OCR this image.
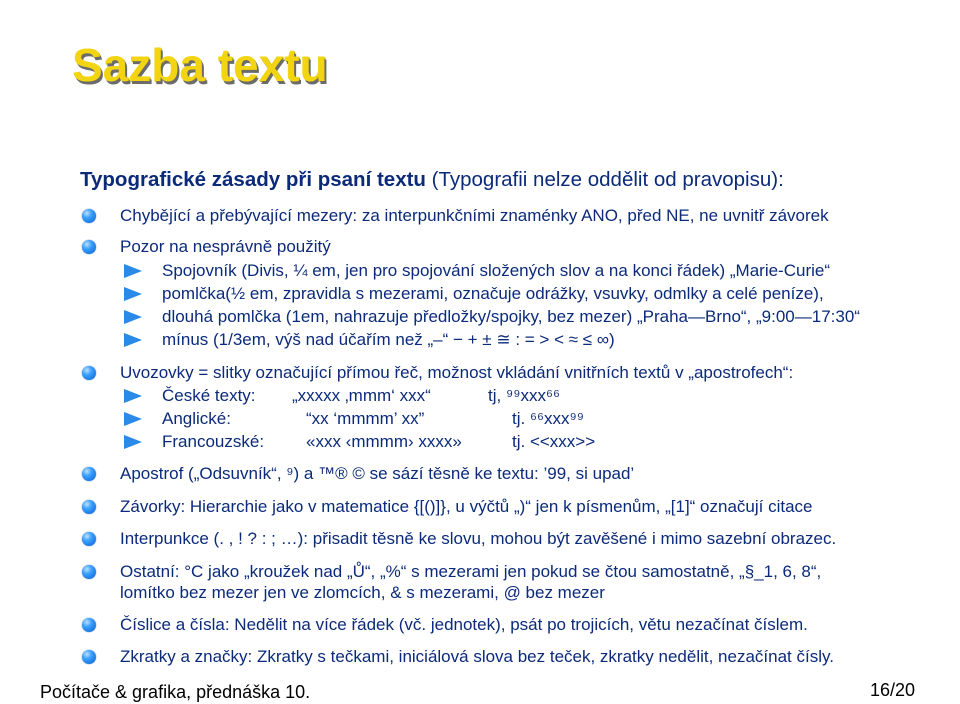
Sazba textu
Typografické zásady při psaní textu (Typografii nelze oddělit od pravopisu):
Chybějící a přebývající mezery: za interpunkčními znaménky ANO, před NE, ne uvnitř závorek
Pozor na nesprávně použitý
Spojovník (Divis, ¼ em, jen pro spojování složených slov a na konci řádek) „Marie-Curie“
pomlčka(½ em, zpravidla s mezerami, označuje odrážky, vsuvky, odmlky a celé peníze),
dlouhá pomlčka (1em, nahrazuje předložky/spojky, bez mezer) „Praha—Brno“, „9:00—17:30“
mínus (1/3em, výš nad účařím než „–“ − + ± ≅ : = > < ≈ ≤ ∞)
Uvozovky = slitky označující přímou řeč, možnost vkládání vnitřních textů v „apostrofech“:
České texty: „xxxxx ‚mmm‘ xxx“	tj, ⁹⁹xxx⁶⁶
Anglické:	“xx ‘mmmm’ xx”	tj. ⁶⁶xxx⁹⁹
Francouzské: «xxx ‹mmmm› xxxx»	tj. <<xxx>>
Apostrof („Odsuvník“, ⁹) a ™® © se sází těsně ke textu: ’99, si upad’
Závorky: Hierarchie jako v matematice {[()]}, u výčtů „)“ jen k písmenům, „[1]“ označují citace
Interpunkce (. , ! ? : ; …): přisadit těsně ke slovu, mohou být zavěšené i mimo sazební obrazec.
Ostatní: °C jako „kroužek nad „Ů“, „%“ s mezerami jen pokud se čtou samostatně, „§_1, 6, 8“,
lomítko bez mezer jen ve zlomcích, & s mezerami, @ bez mezer
Číslice a čísla: Nedělit na více řádek (vč. jednotek), psát po trojicích, větu nezačínat číslem.
Zkratky a značky: Zkratky s tečkami, iniciálová slova bez teček, zkratky nedělit, nezačínat čísly.
Počítače & grafika, přednáška 10.	16/20
